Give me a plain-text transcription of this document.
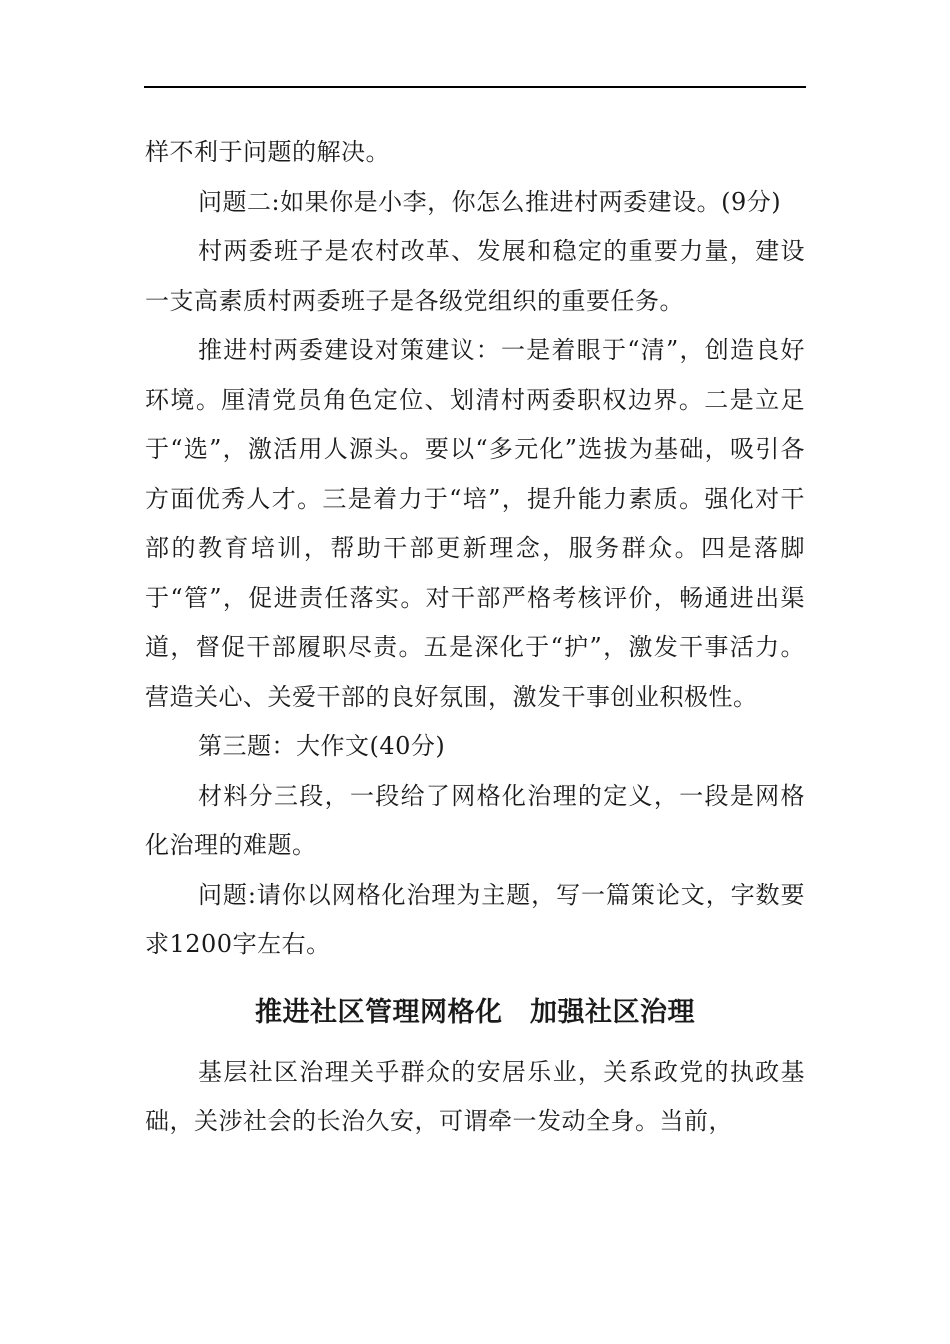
样不利于问题的解决。

问题二:如果你是小李，你怎么推进村两委建设。(9分)

村两委班子是农村改革、发展和稳定的重要力量，建设一支高素质村两委班子是各级党组织的重要任务。

推进村两委建设对策建议：一是着眼于“清”，创造良好环境。厘清党员角色定位、划清村两委职权边界。二是立足于“选”，激活用人源头。要以“多元化”选拔为基础，吸引各方面优秀人才。三是着力于“培”，提升能力素质。强化对干部的教育培训，帮助干部更新理念，服务群众。四是落脚于“管”，促进责任落实。对干部严格考核评价，畅通进出渠道，督促干部履职尽责。五是深化于“护”，激发干事活力。营造关心、关爱干部的良好氛围，激发干事创业积极性。

第三题：大作文(40分)

材料分三段，一段给了网格化治理的定义，一段是网格化治理的难题。

问题:请你以网格化治理为主题，写一篇策论文，字数要求1200字左右。

推进社区管理网格化　加强社区治理

基层社区治理关乎群众的安居乐业，关系政党的执政基础，关涉社会的长治久安，可谓牵一发动全身。当前，
